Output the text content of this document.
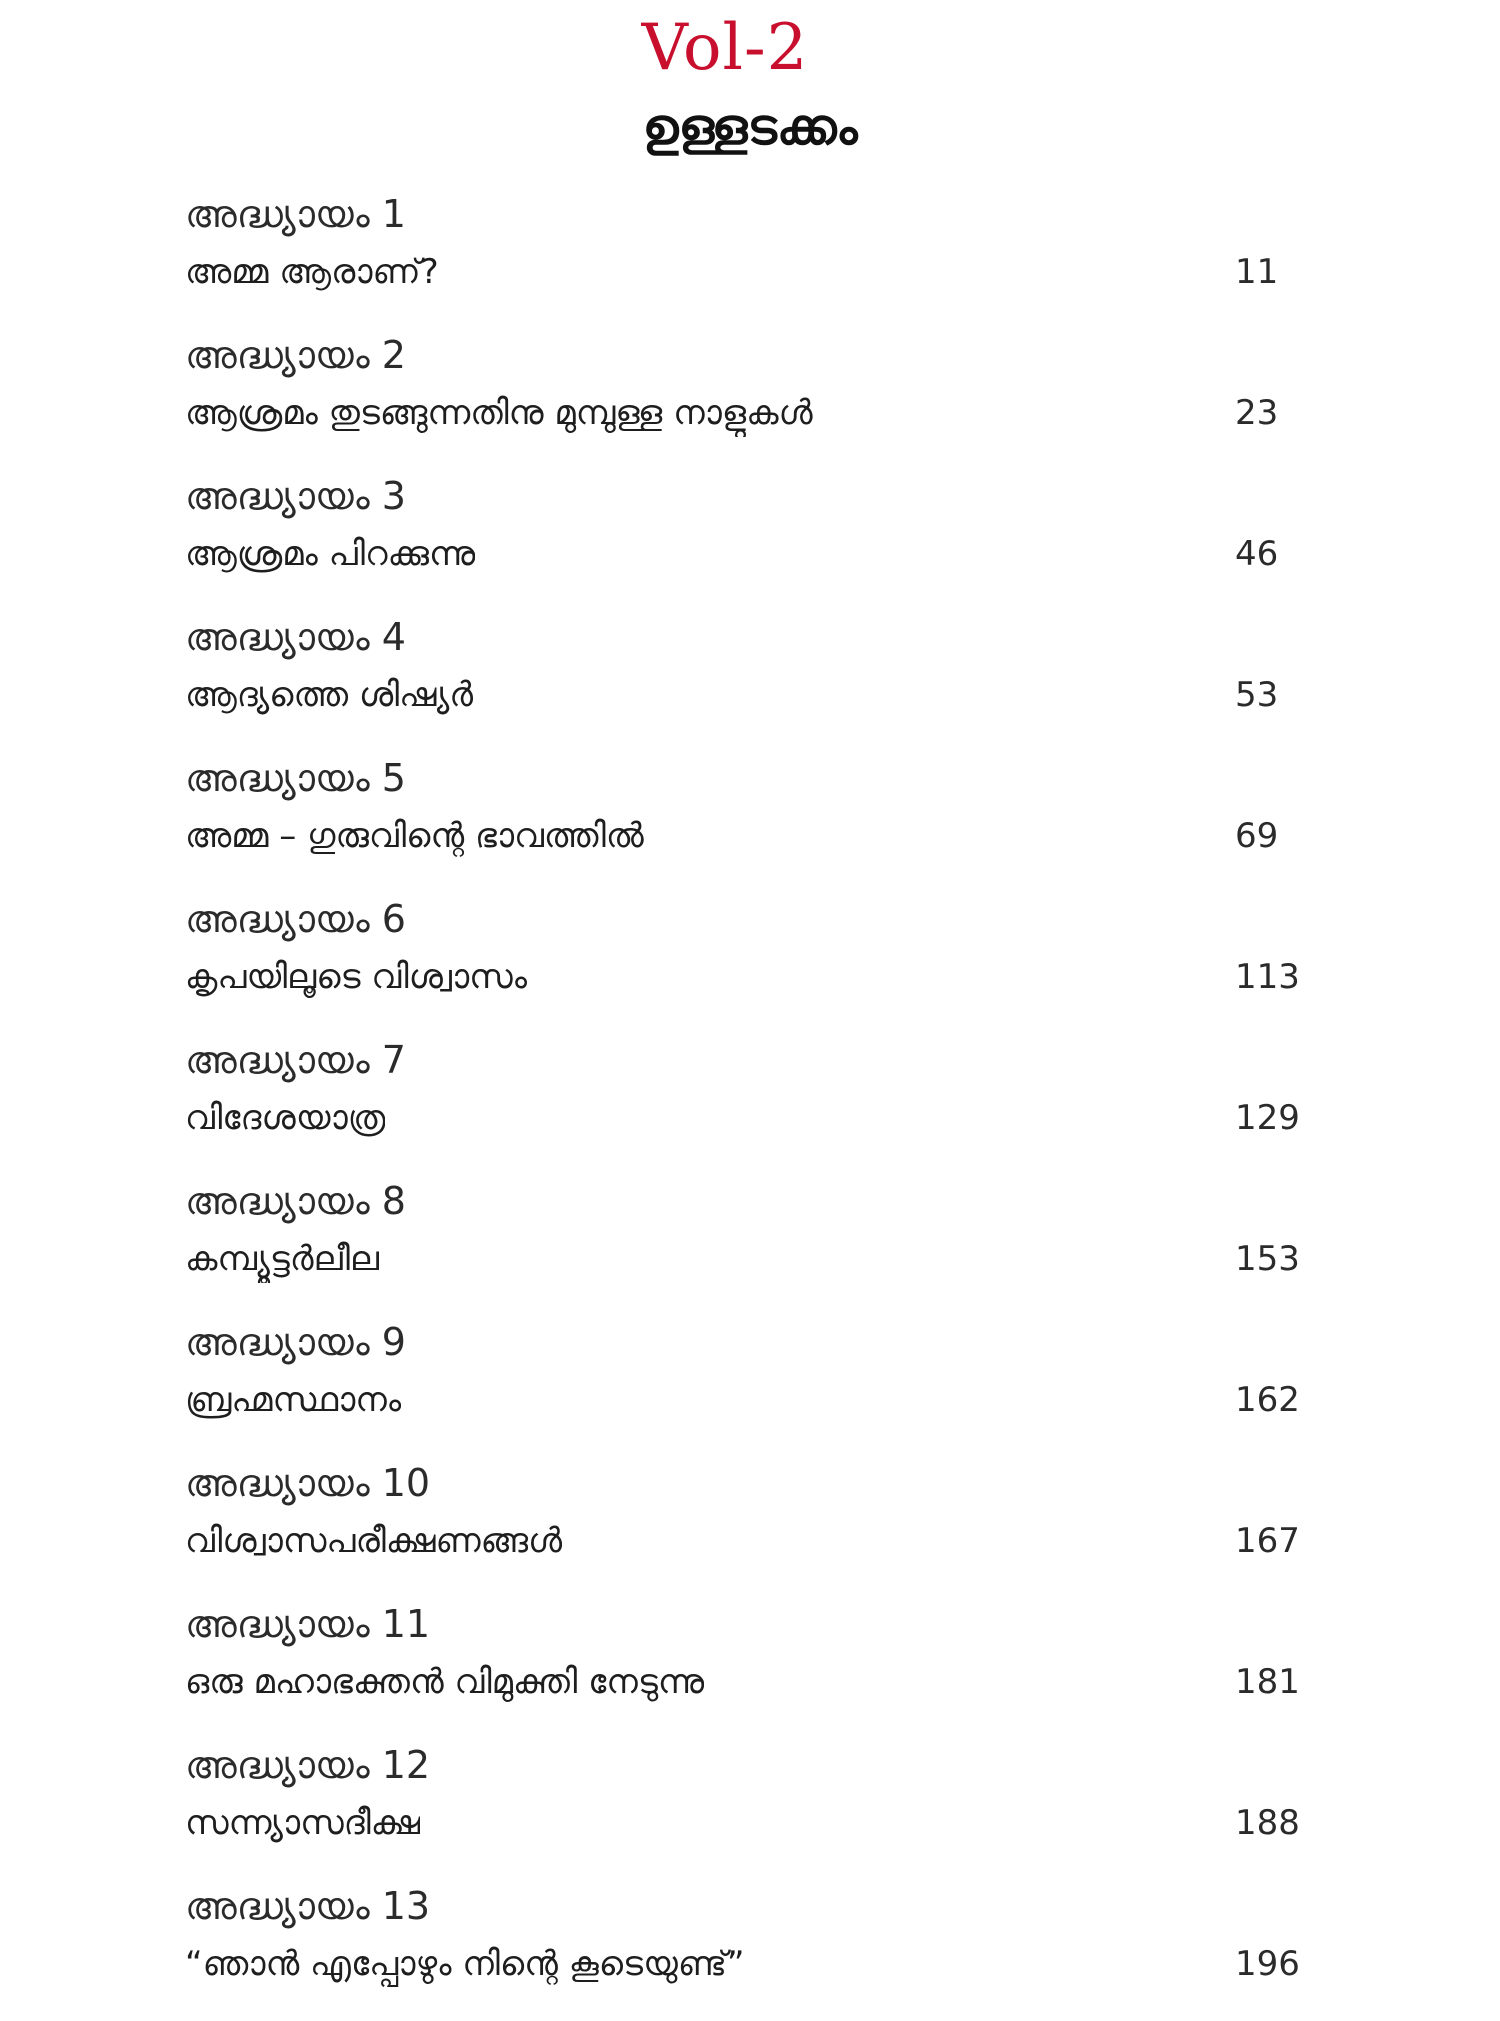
Vol-2
ഉള്ളടക്കം
അദ്ധ്യായം 1
അമ്മ ആരാണ്?	11
അദ്ധ്യായം 2
ആശ്രമം തുടങ്ങുന്നതിനു മുമ്പുള്ള നാളുകൾ	23
അദ്ധ്യായം 3
ആശ്രമം പിറക്കുന്നു	46
അദ്ധ്യായം 4
ആദ്യത്തെ ശിഷ്യർ	53
അദ്ധ്യായം 5
അമ്മ – ഗുരുവിന്റെ ഭാവത്തിൽ	69
അദ്ധ്യായം 6
കൃപയിലൂടെ വിശ്വാസം	113
അദ്ധ്യായം 7
വിദേശയാത്ര	129
അദ്ധ്യായം 8
കമ്പ്യൂട്ടർലീല	153
അദ്ധ്യായം 9
ബ്രഹ്മസ്ഥാനം	162
അദ്ധ്യായം 10
വിശ്വാസപരീക്ഷണങ്ങൾ	167
അദ്ധ്യായം 11
ഒരു മഹാഭക്തൻ വിമുക്തി നേടുന്നു	181
അദ്ധ്യായം 12
സന്ന്യാസദീക്ഷ	188
അദ്ധ്യായം 13
“ഞാൻ എപ്പോഴും നിന്റെ കൂടെയുണ്ട്”	196
